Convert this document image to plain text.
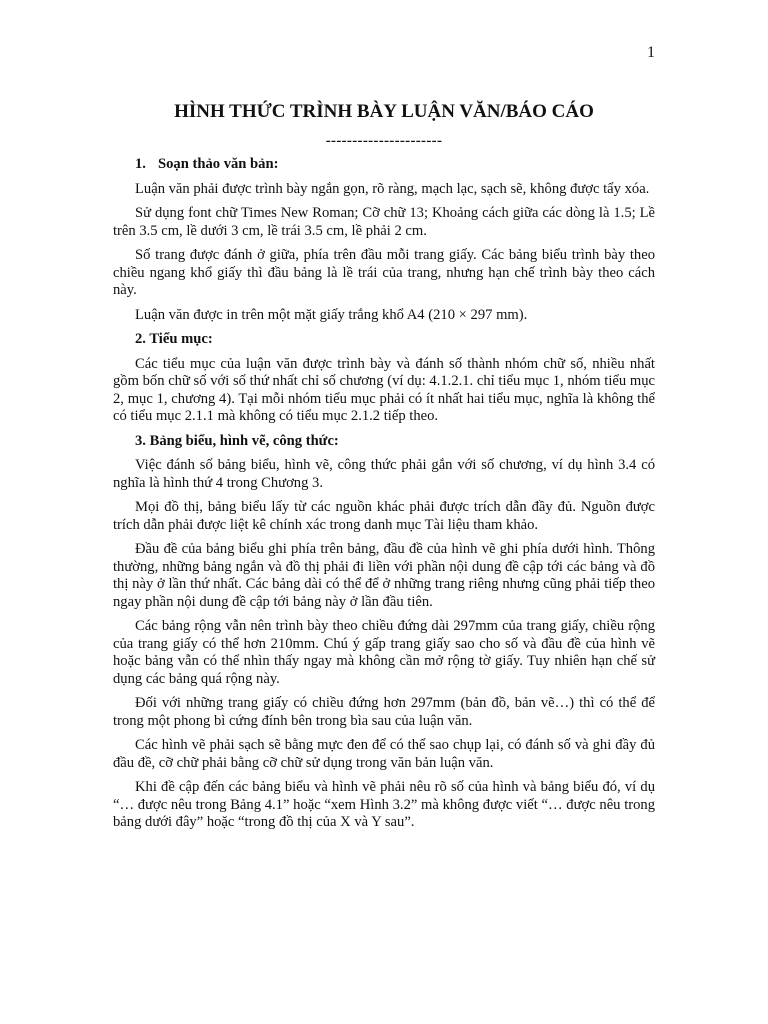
1
HÌNH THỨC TRÌNH BÀY LUẬN VĂN/BÁO CÁO
----------------------
1. Soạn thảo văn bản:

Luận văn phải được trình bày ngắn gọn, rõ ràng, mạch lạc, sạch sẽ, không được tẩy xóa.

Sử dụng font chữ Times New Roman; Cỡ chữ 13; Khoảng cách giữa các dòng là 1.5; Lề trên 3.5 cm, lề dưới 3 cm, lề trái 3.5 cm, lề phải 2 cm.

Số trang được đánh ở giữa, phía trên đầu mỗi trang giấy. Các bảng biểu trình bày theo chiều ngang khổ giấy thì đầu bảng là lề trái của trang, nhưng hạn chế trình bày theo cách này.

Luận văn được in trên một mặt giấy trắng khổ A4 (210 × 297 mm).

2. Tiểu mục:

Các tiểu mục của luận văn được trình bày và đánh số thành nhóm chữ số, nhiều nhất gồm bốn chữ số với số thứ nhất chỉ số chương (ví dụ: 4.1.2.1. chỉ tiểu mục 1, nhóm tiểu mục 2, mục 1, chương 4). Tại mỗi nhóm tiểu mục phải có ít nhất hai tiểu mục, nghĩa là không thể có tiểu mục 2.1.1 mà không có tiểu mục 2.1.2 tiếp theo.

3. Bảng biểu, hình vẽ, công thức:

Việc đánh số bảng biểu, hình vẽ, công thức phải gắn với số chương, ví dụ hình 3.4 có nghĩa là hình thứ 4 trong Chương 3.

Mọi đồ thị, bảng biểu lấy từ các nguồn khác phải được trích dẫn đầy đủ. Nguồn được trích dẫn phải được liệt kê chính xác trong danh mục Tài liệu tham khảo.

Đầu đề của bảng biểu ghi phía trên bảng, đầu đề của hình vẽ ghi phía dưới hình. Thông thường, những bảng ngắn và đồ thị phải đi liền với phần nội dung đề cập tới các bảng và đồ thị này ở lần thứ nhất. Các bảng dài có thể để ở những trang riêng nhưng cũng phải tiếp theo ngay phần nội dung đề cập tới bảng này ở lần đầu tiên.

Các bảng rộng vẫn nên trình bày theo chiều đứng dài 297mm của trang giấy, chiều rộng của trang giấy có thể hơn 210mm. Chú ý gấp trang giấy sao cho số và đầu đề của hình vẽ hoặc bảng vẫn có thể nhìn thấy ngay mà không cần mở rộng tờ giấy. Tuy nhiên hạn chế sử dụng các bảng quá rộng này.

Đối với những trang giấy có chiều đứng hơn 297mm (bản đồ, bản vẽ…) thì có thể để trong một phong bì cứng đính bên trong bìa sau của luận văn.

Các hình vẽ phải sạch sẽ bằng mực đen để có thể sao chụp lại, có đánh số và ghi đầy đủ đầu đề, cỡ chữ phải bằng cỡ chữ sử dụng trong văn bản luận văn.

Khi đề cập đến các bảng biểu và hình vẽ phải nêu rõ số của hình và bảng biểu đó, ví dụ “… được nêu trong Bảng 4.1” hoặc “xem Hình 3.2” mà không được viết “… được nêu trong bảng dưới đây” hoặc “trong đồ thị của X và Y sau”.
